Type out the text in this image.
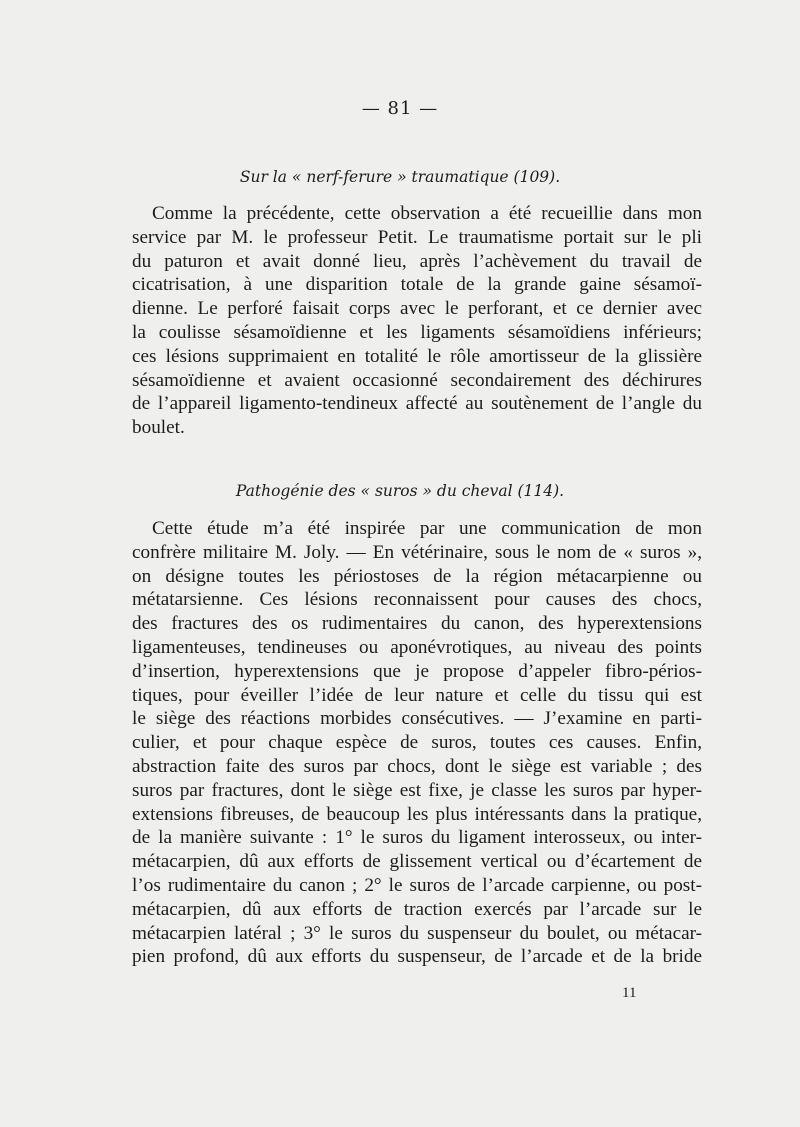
— 81 —
Sur la « nerf-ferure » traumatique (109).
Comme la précédente, cette observation a été recueillie dans mon
service par M. le professeur Petit. Le traumatisme portait sur le pli
du paturon et avait donné lieu, après l’achèvement du travail de
cicatrisation, à une disparition totale de la grande gaine sésamoï-
dienne. Le perforé faisait corps avec le perforant, et ce dernier avec
la coulisse sésamoïdienne et les ligaments sésamoïdiens inférieurs;
ces lésions supprimaient en totalité le rôle amortisseur de la glissière
sésamoïdienne et avaient occasionné secondairement des déchirures
de l’appareil ligamento-tendineux affecté au soutènement de l’angle du
boulet.
Pathogénie des « suros » du cheval (114).
Cette étude m’a été inspirée par une communication de mon
confrère militaire M. Joly. — En vétérinaire, sous le nom de « suros »,
on désigne toutes les périostoses de la région métacarpienne ou
métatarsienne. Ces lésions reconnaissent pour causes des chocs,
des fractures des os rudimentaires du canon, des hyperextensions
ligamenteuses, tendineuses ou aponévrotiques, au niveau des points
d’insertion, hyperextensions que je propose d’appeler fibro-périos-
tiques, pour éveiller l’idée de leur nature et celle du tissu qui est
le siège des réactions morbides consécutives. — J’examine en parti-
culier, et pour chaque espèce de suros, toutes ces causes. Enfin,
abstraction faite des suros par chocs, dont le siège est variable ; des
suros par fractures, dont le siège est fixe, je classe les suros par hyper-
extensions fibreuses, de beaucoup les plus intéressants dans la pratique,
de la manière suivante : 1° le suros du ligament interosseux, ou inter-
métacarpien, dû aux efforts de glissement vertical ou d’écartement de
l’os rudimentaire du canon ; 2° le suros de l’arcade carpienne, ou post-
métacarpien, dû aux efforts de traction exercés par l’arcade sur le
métacarpien latéral ; 3° le suros du suspenseur du boulet, ou métacar-
pien profond, dû aux efforts du suspenseur, de l’arcade et de la bride
11
